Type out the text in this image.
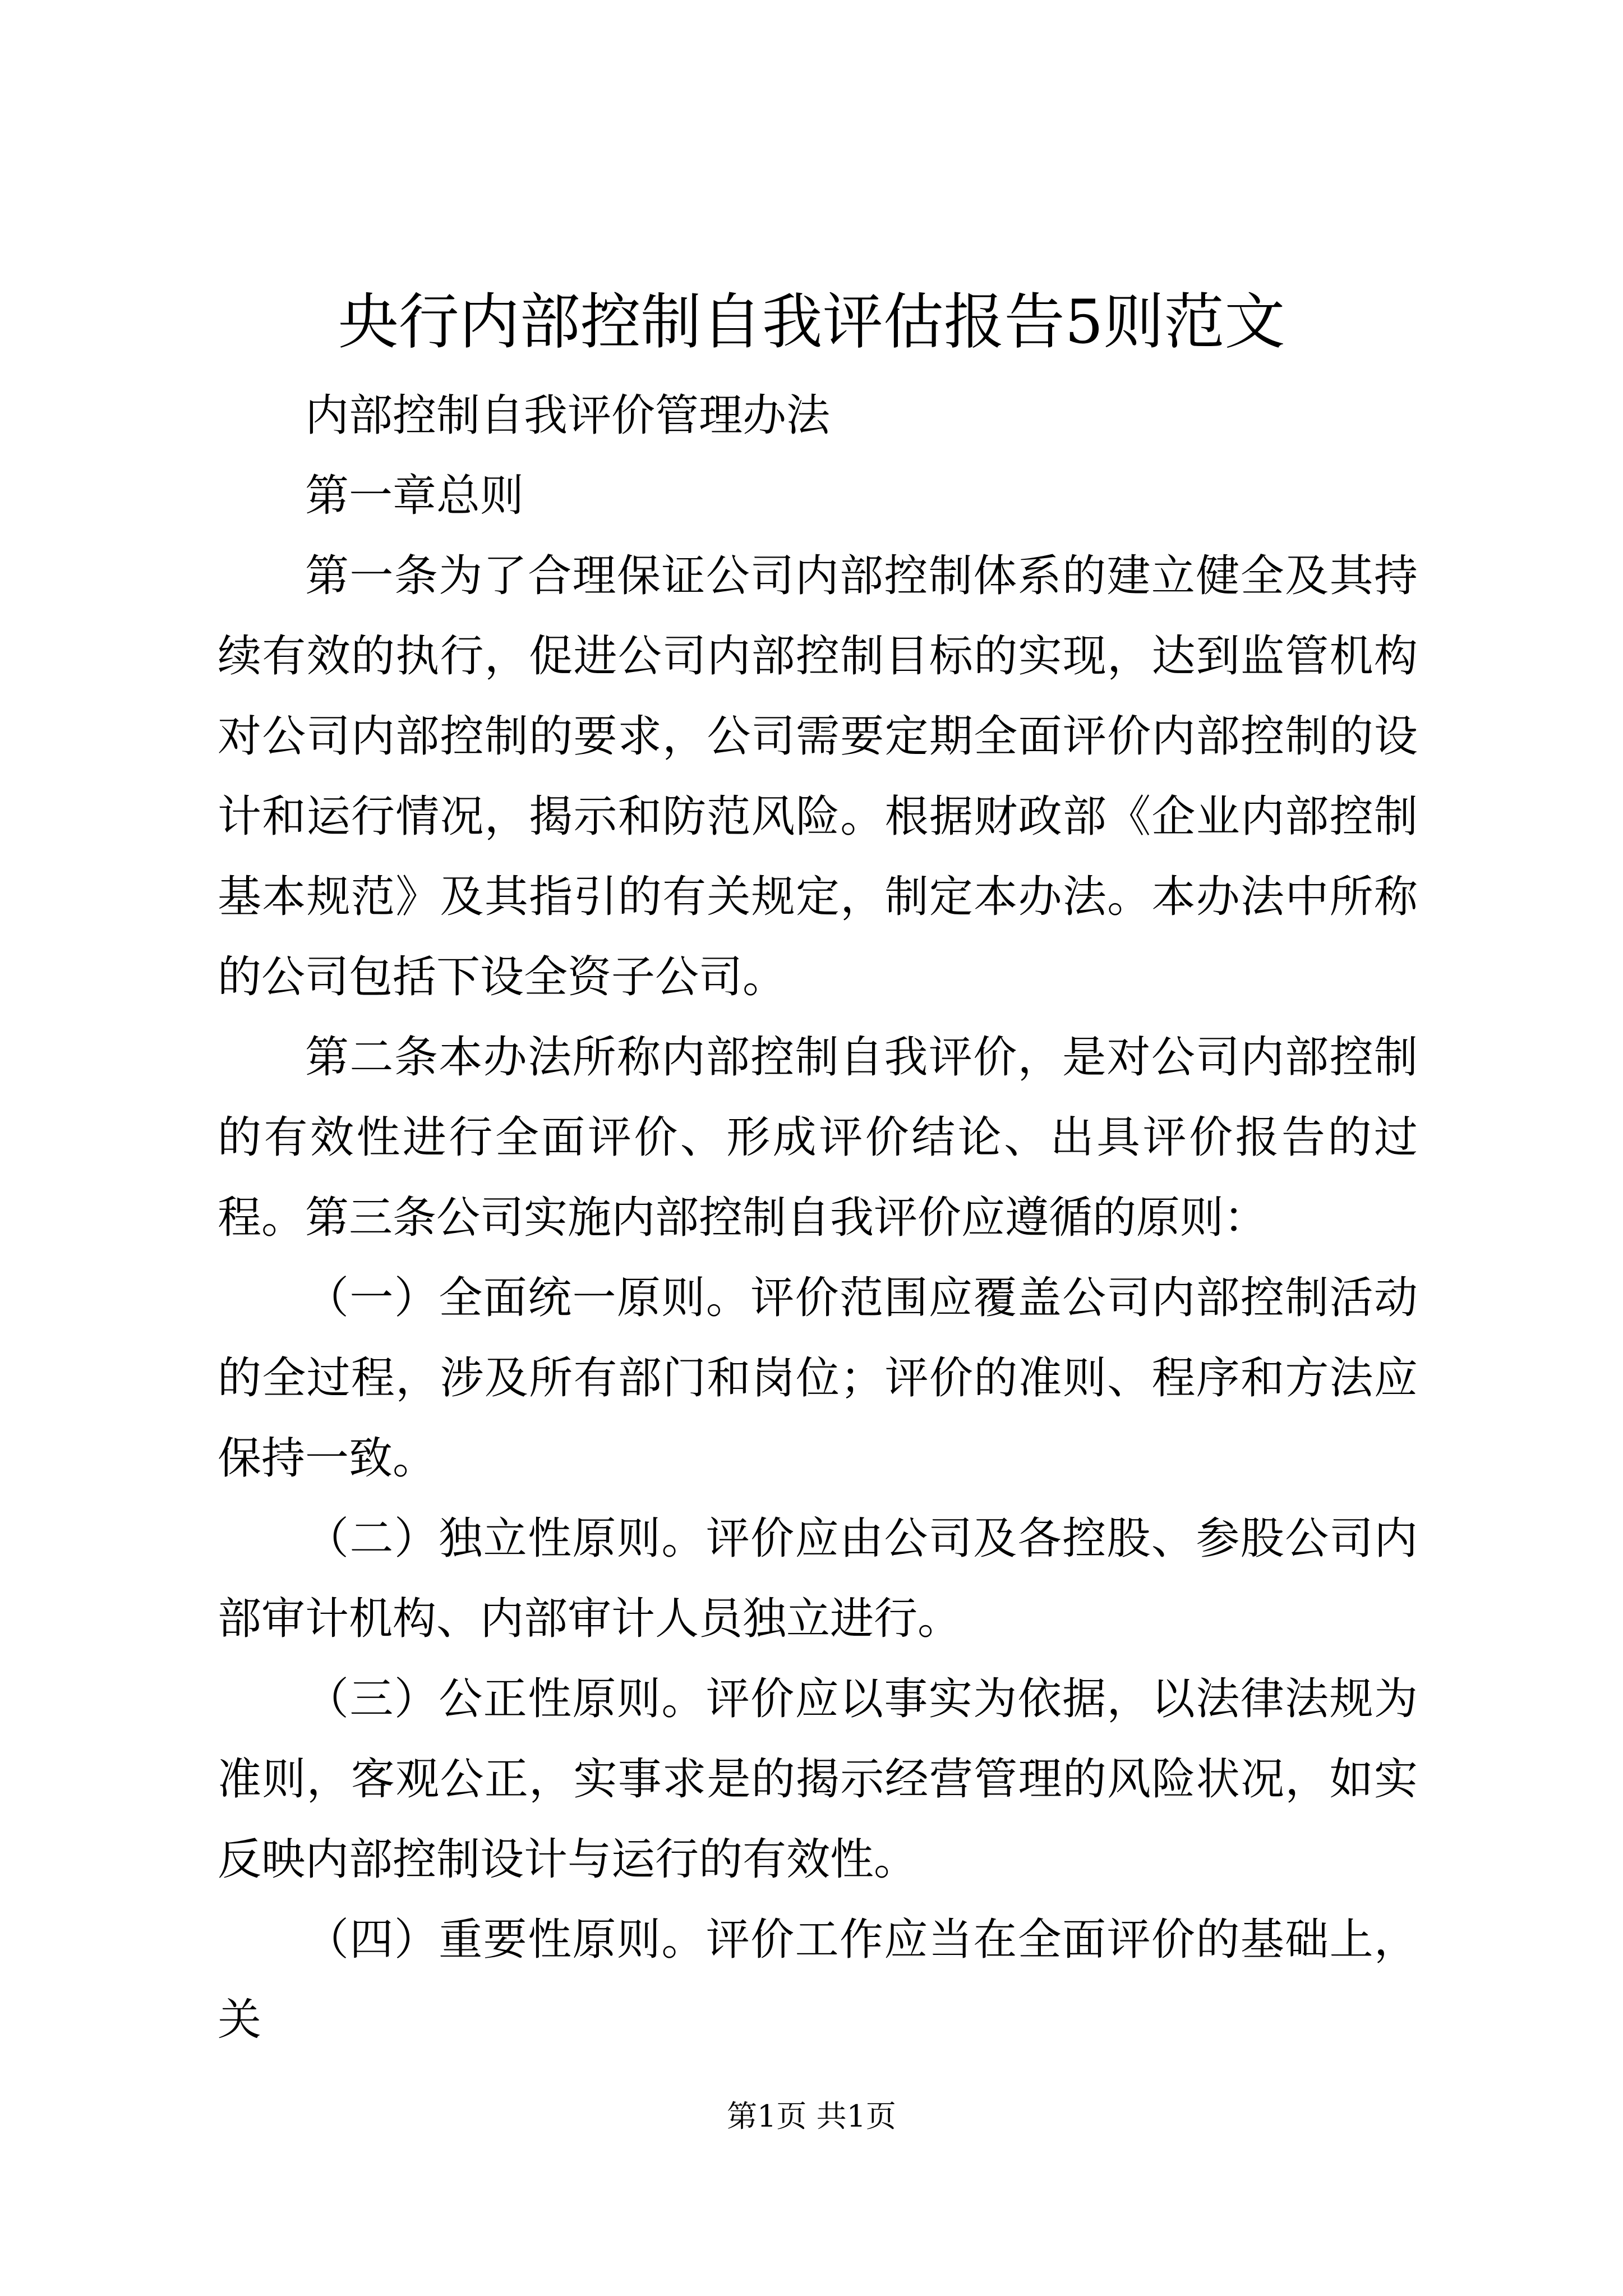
央行内部控制自我评估报告5则范文

内部控制自我评价管理办法

第一章总则

第一条为了合理保证公司内部控制体系的建立健全及其持续有效的执行，促进公司内部控制目标的实现，达到监管机构对公司内部控制的要求，公司需要定期全面评价内部控制的设计和运行情况，揭示和防范风险。根据财政部《企业内部控制基本规范》及其指引的有关规定，制定本办法。本办法中所称的公司包括下设全资子公司。

第二条本办法所称内部控制自我评价，是对公司内部控制的有效性进行全面评价、形成评价结论、出具评价报告的过程。第三条公司实施内部控制自我评价应遵循的原则：

（一）全面统一原则。评价范围应覆盖公司内部控制活动的全过程，涉及所有部门和岗位；评价的准则、程序和方法应保持一致。

（二）独立性原则。评价应由公司及各控股、参股公司内部审计机构、内部审计人员独立进行。

（三）公正性原则。评价应以事实为依据，以法律法规为准则，客观公正，实事求是的揭示经营管理的风险状况，如实反映内部控制设计与运行的有效性。

（四）重要性原则。评价工作应当在全面评价的基础上，关

第1页 共1页
